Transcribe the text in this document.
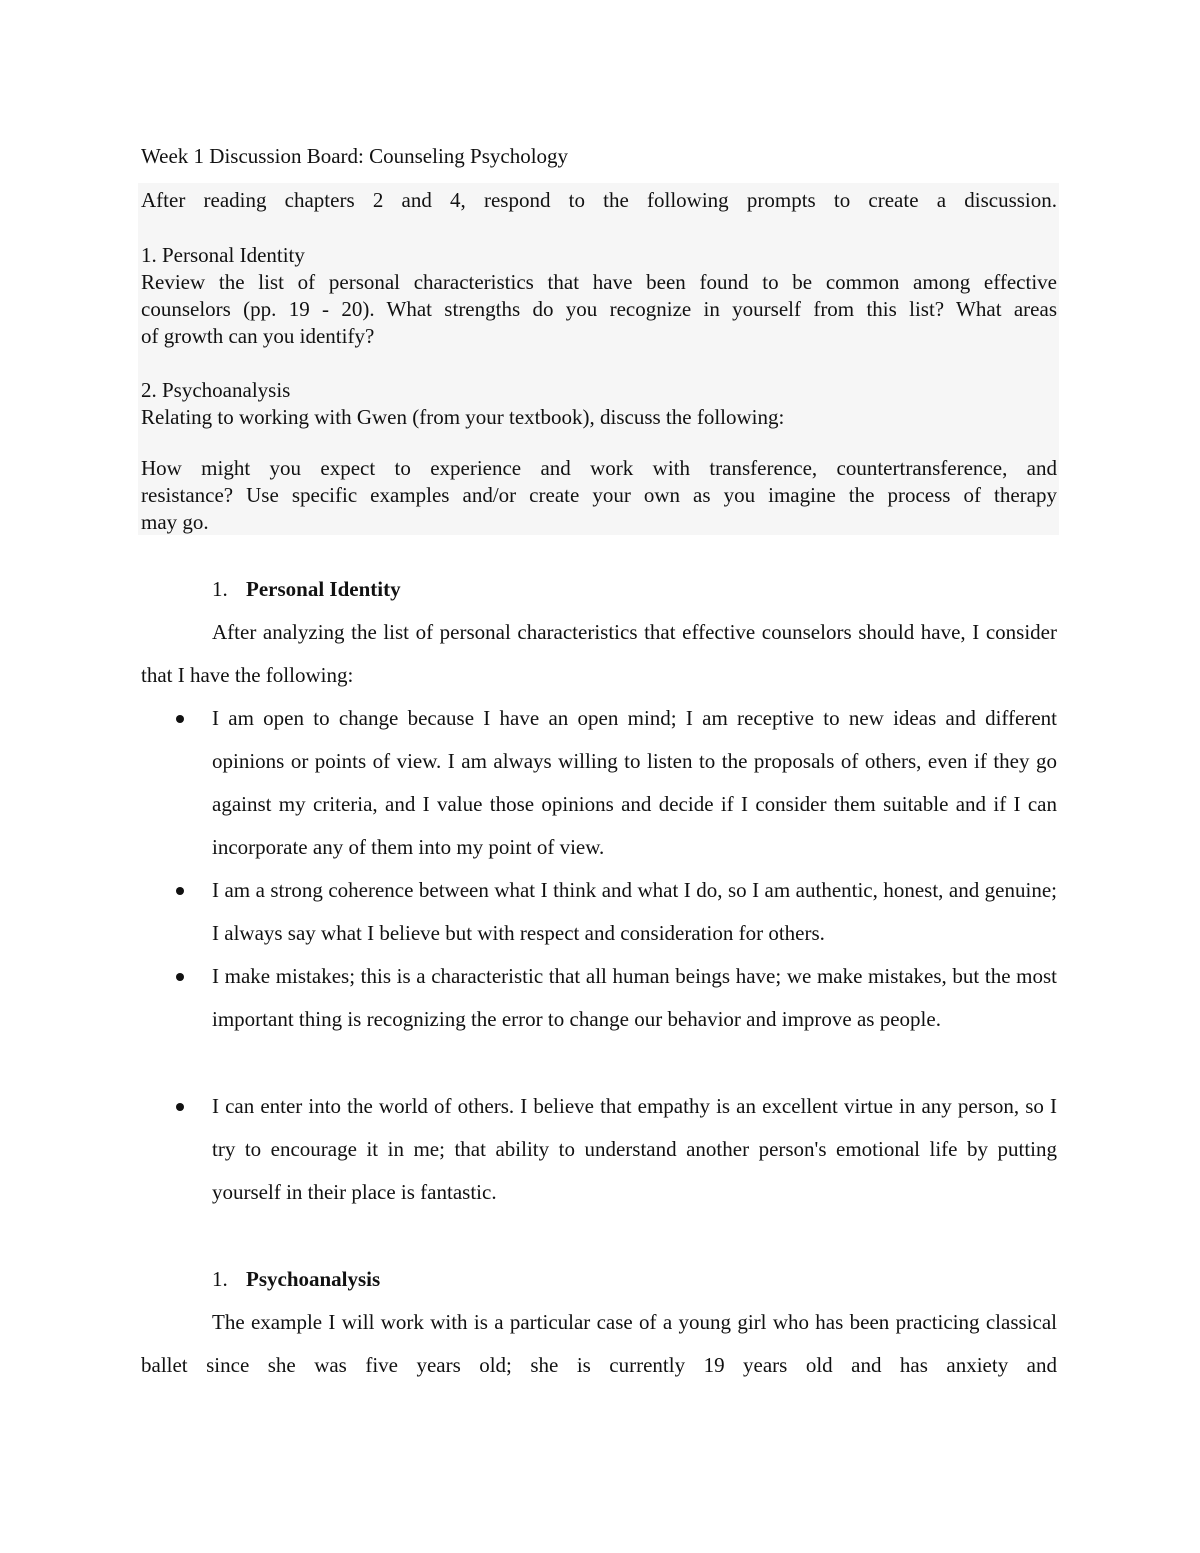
Week 1 Discussion Board: Counseling Psychology
After reading chapters 2 and 4, respond to the following prompts to create a discussion.
1. Personal Identity
Review the list of personal characteristics that have been found to be common among effective
counselors (pp. 19 - 20). What strengths do you recognize in yourself from this list? What areas
of growth can you identify?
2. Psychoanalysis
Relating to working with Gwen (from your textbook), discuss the following:
How might you expect to experience and work with transference, countertransference, and
resistance? Use specific examples and/or create your own as you imagine the process of therapy
may go.
1. Personal Identity
After analyzing the list of personal characteristics that effective counselors should have, I consider that I have the following:
I am open to change because I have an open mind; I am receptive to new ideas and different opinions or points of view. I am always willing to listen to the proposals of others, even if they go against my criteria, and I value those opinions and decide if I consider them suitable and if I can incorporate any of them into my point of view.
I am a strong coherence between what I think and what I do, so I am authentic, honest, and genuine; I always say what I believe but with respect and consideration for others.
I make mistakes; this is a characteristic that all human beings have; we make mistakes, but the most important thing is recognizing the error to change our behavior and improve as people.
I can enter into the world of others. I believe that empathy is an excellent virtue in any person, so I try to encourage it in me; that ability to understand another person's emotional life by putting yourself in their place is fantastic.
1. Psychoanalysis
The example I will work with is a particular case of a young girl who has been practicing classical ballet since she was five years old; she is currently 19 years old and has anxiety and
